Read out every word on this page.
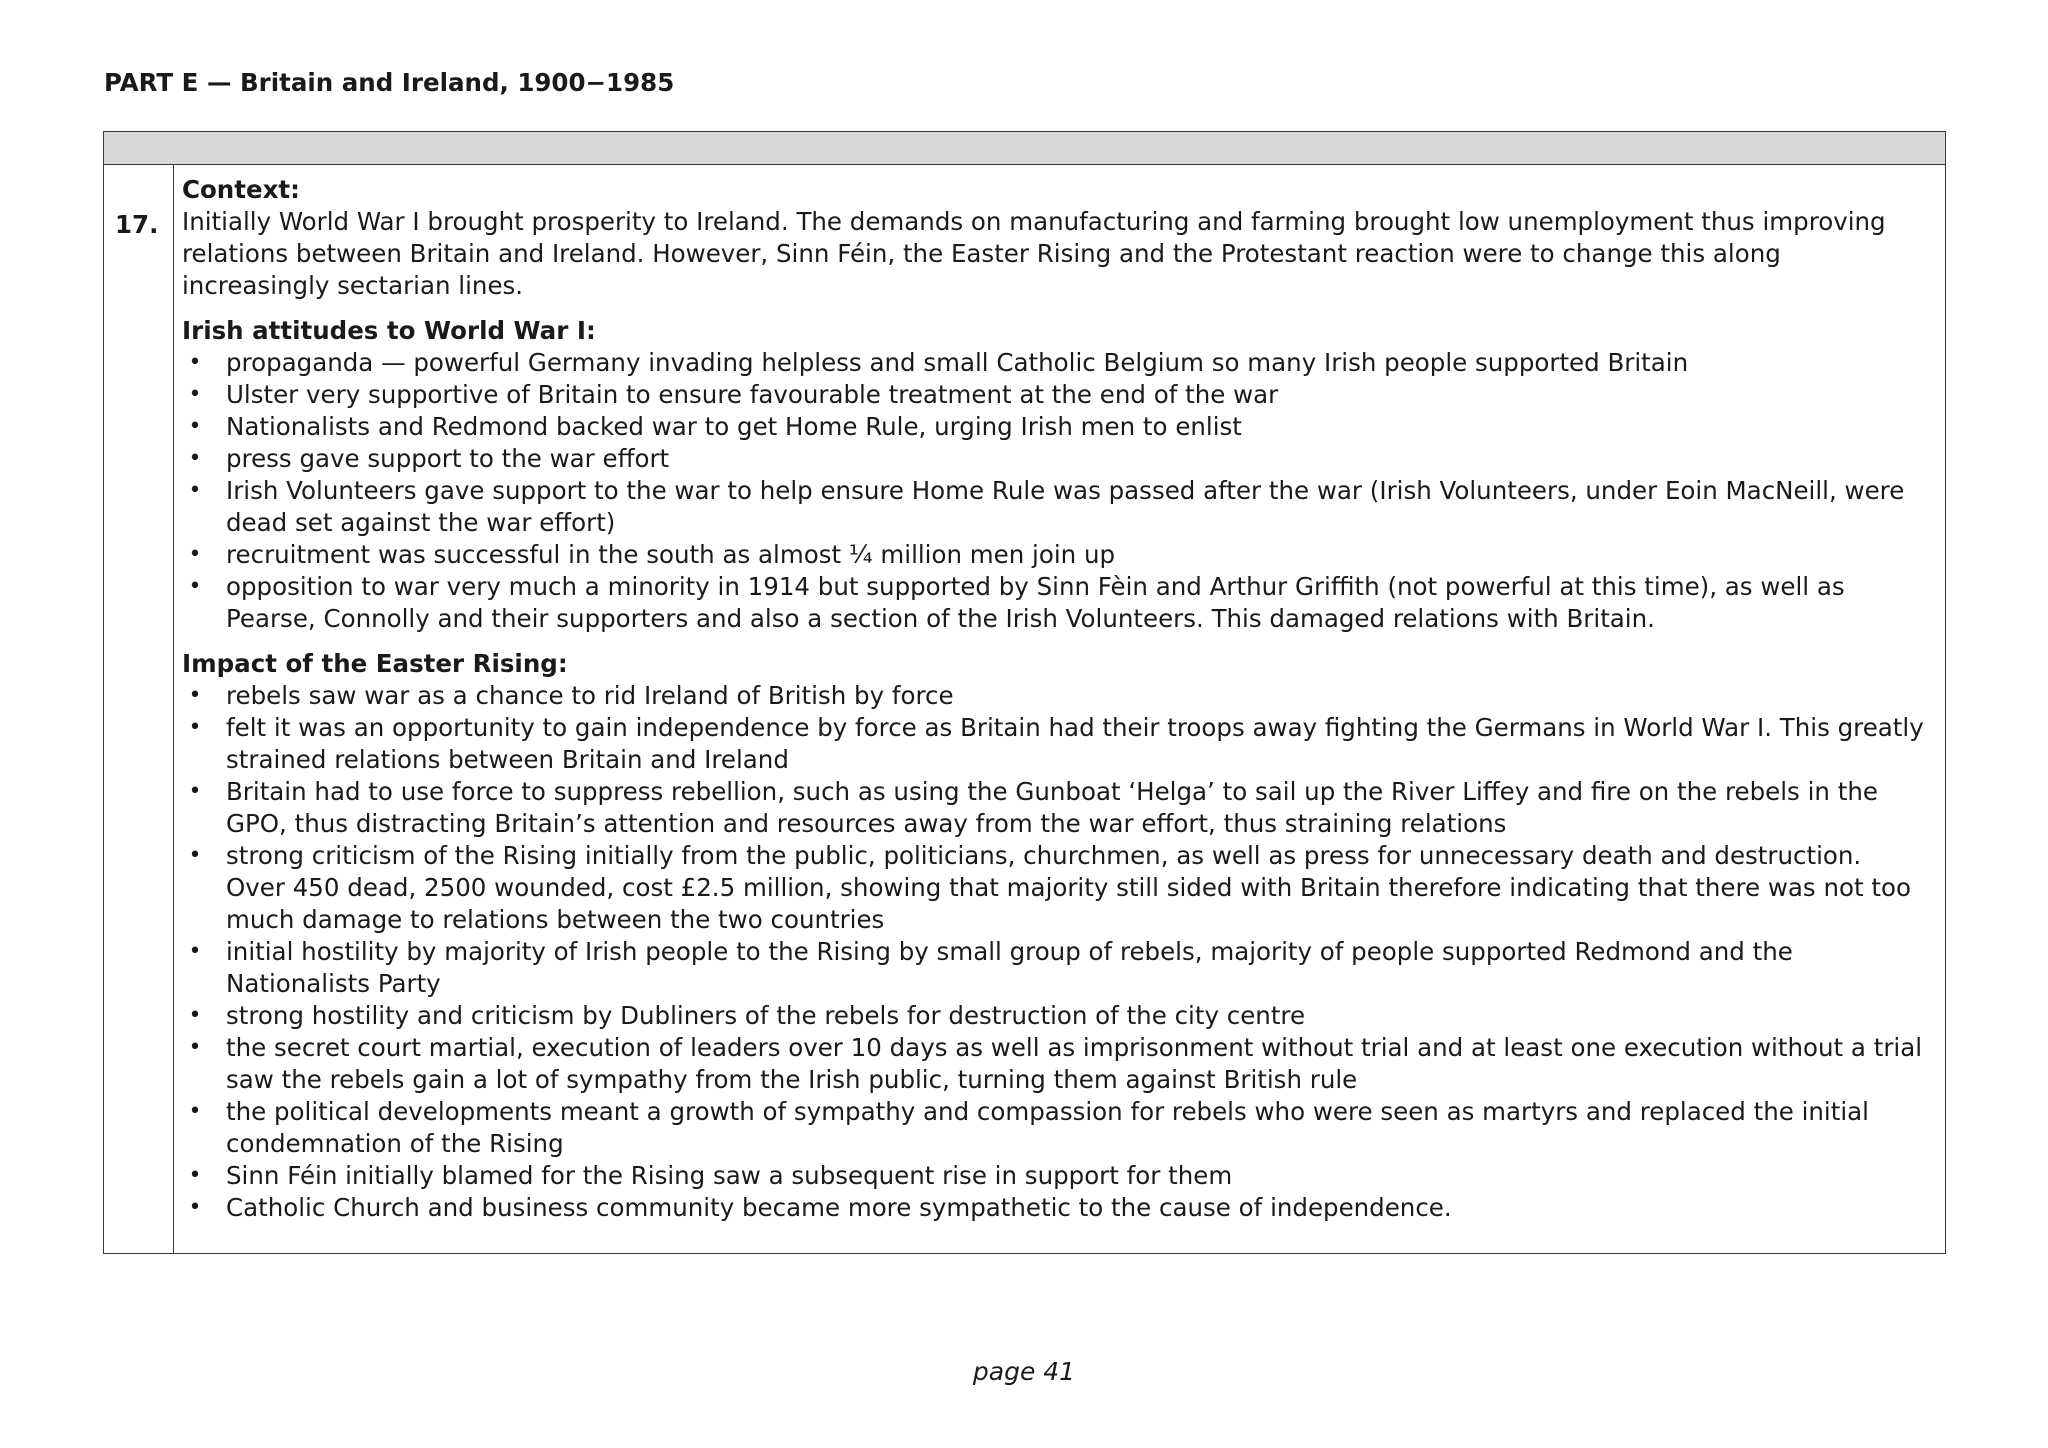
PART E — Britain and Ireland, 1900−1985
17.

Context:

Initially World War I brought prosperity to Ireland. The demands on manufacturing and farming brought low unemployment thus improving relations between Britain and Ireland. However, Sinn Féin, the Easter Rising and the Protestant reaction were to change this along increasingly sectarian lines.

Irish attitudes to World War I:

• propaganda — powerful Germany invading helpless and small Catholic Belgium so many Irish people supported Britain
• Ulster very supportive of Britain to ensure favourable treatment at the end of the war
• Nationalists and Redmond backed war to get Home Rule, urging Irish men to enlist
• press gave support to the war effort
• Irish Volunteers gave support to the war to help ensure Home Rule was passed after the war (Irish Volunteers, under Eoin MacNeill, were dead set against the war effort)
• recruitment was successful in the south as almost ¼ million men join up
• opposition to war very much a minority in 1914 but supported by Sinn Fèin and Arthur Griffith (not powerful at this time), as well as Pearse, Connolly and their supporters and also a section of the Irish Volunteers. This damaged relations with Britain.

Impact of the Easter Rising:

• rebels saw war as a chance to rid Ireland of British by force
• felt it was an opportunity to gain independence by force as Britain had their troops away fighting the Germans in World War I. This greatly strained relations between Britain and Ireland
• Britain had to use force to suppress rebellion, such as using the Gunboat ‘Helga’ to sail up the River Liffey and fire on the rebels in the GPO, thus distracting Britain’s attention and resources away from the war effort, thus straining relations
• strong criticism of the Rising initially from the public, politicians, churchmen, as well as press for unnecessary death and destruction. Over 450 dead, 2500 wounded, cost £2.5 million, showing that majority still sided with Britain therefore indicating that there was not too much damage to relations between the two countries
• initial hostility by majority of Irish people to the Rising by small group of rebels, majority of people supported Redmond and the Nationalists Party
• strong hostility and criticism by Dubliners of the rebels for destruction of the city centre
• the secret court martial, execution of leaders over 10 days as well as imprisonment without trial and at least one execution without a trial saw the rebels gain a lot of sympathy from the Irish public, turning them against British rule
• the political developments meant a growth of sympathy and compassion for rebels who were seen as martyrs and replaced the initial condemnation of the Rising
• Sinn Féin initially blamed for the Rising saw a subsequent rise in support for them
• Catholic Church and business community became more sympathetic to the cause of independence.
page 41
